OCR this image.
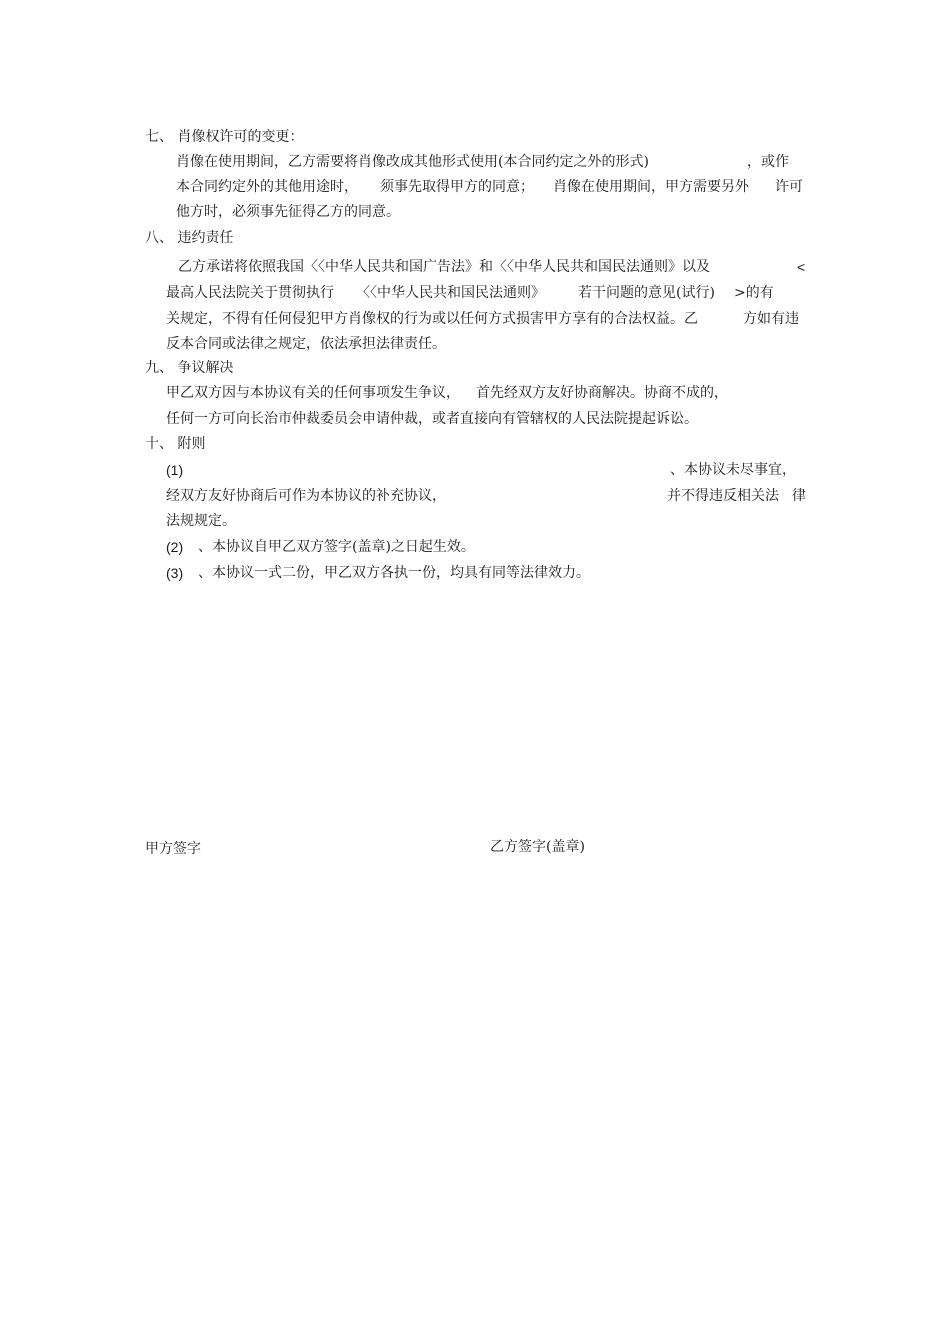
七、 肖像权许可的变更：
肖像在使用期间，乙方需要将肖像改成其他形式使用(本合同约定之外的形式)	，或作
本合同约定外的其他用途时， 须事先取得甲方的同意； 肖像在使用期间，甲方需要另外 许可
他方时，必须事先征得乙方的同意。
八、 违约责任
乙方承诺将依照我国〈〈中华人民共和国广告法》和〈〈中华人民共和国民法通则》以及	<
最高人民法院关于贯彻执行 〈〈中华人民共和国民法通则》 若干问题的意见(试行) >的有
关规定，不得有任何侵犯甲方肖像权的行为或以任何方式损害甲方享有的合法权益。乙	方如有违
反本合同或法律之规定，依法承担法律责任。
九、 争议解决
甲乙双方因与本协议有关的任何事项发生争议， 首先经双方友好协商解决。协商不成的，
任何一方可向长治市仲裁委员会申请仲裁，或者直接向有管辖权的人民法院提起诉讼。
十、 附则
(1)	、本协议未尽事宜，
经双方友好协商后可作为本协议的补充协议，	并不得违反相关法 律
法规规定。
(2) 、本协议自甲乙双方签字(盖章)之日起生效。
(3) 、本协议一式二份，甲乙双方各执一份，均具有同等法律效力。
甲方签字	乙方签字(盖章)
